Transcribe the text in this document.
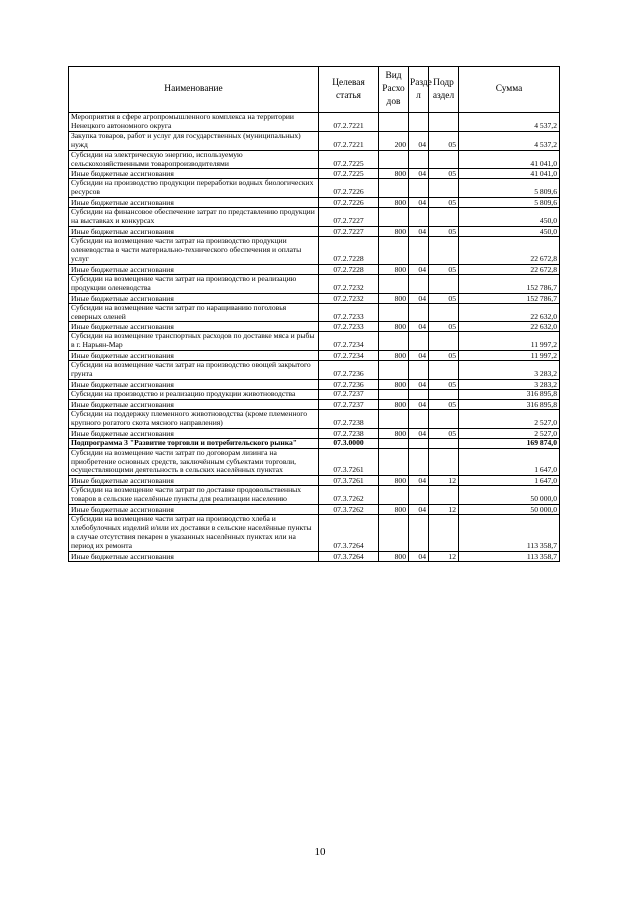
Наименование	Целевая статья	Вид Расхо дов	Разде л	Подр аздел	Сумма
Мероприятия в сфере агропромышленного комплекса на территории Ненецкого автономного округа	07.2.7221				4 537,2
Закупка товаров, работ и услуг для государственных (муниципальных) нужд	07.2.7221	200	04	05	4 537,2
Субсидии на электрическую энергию, используемую сельскохозяйственными товаропроизводителями	07.2.7225				41 041,0
Иные бюджетные ассигнования	07.2.7225	800	04	05	41 041,0
Субсидии на производство продукции переработки водных биологических ресурсов	07.2.7226				5 809,6
Иные бюджетные ассигнования	07.2.7226	800	04	05	5 809,6
Субсидии на финансовое обеспечение затрат по представлению продукции на выставках и конкурсах	07.2.7227				450,0
Иные бюджетные ассигнования	07.2.7227	800	04	05	450,0
Субсидии на возмещение части затрат на производство продукции оленеводства в части материально-технического обеспечения и оплаты услуг	07.2.7228				22 672,8
Иные бюджетные ассигнования	07.2.7228	800	04	05	22 672,8
Субсидии на возмещение части затрат на производство и реализацию продукции оленеводства	07.2.7232				152 786,7
Иные бюджетные ассигнования	07.2.7232	800	04	05	152 786,7
Субсидии на возмещение части затрат по наращиванию поголовья северных оленей	07.2.7233				22 632,0
Иные бюджетные ассигнования	07.2.7233	800	04	05	22 632,0
Субсидии на возмещение транспортных расходов по доставке мяса и рыбы в г. Нарьян-Мар	07.2.7234				11 997,2
Иные бюджетные ассигнования	07.2.7234	800	04	05	11 997,2
Субсидии на возмещение части затрат на производство овощей закрытого грунта	07.2.7236				3 283,2
Иные бюджетные ассигнования	07.2.7236	800	04	05	3 283,2
Субсидии на производство и реализацию продукции животноводства	07.2.7237				316 895,8
Иные бюджетные ассигнования	07.2.7237	800	04	05	316 895,8
Субсидии на поддержку племенного животноводства (кроме племенного крупного рогатого скота мясного направления)	07.2.7238				2 527,0
Иные бюджетные ассигнования	07.2.7238	800	04	05	2 527,0
Подпрограмма 3 "Развитие торговли и потребительского рынка"	07.3.0000				169 874,0
Субсидии на возмещение части затрат по договорам лизинга на приобретение основных средств, заключённым субъектами торговли, осуществляющими деятельность в сельских населённых пунктах	07.3.7261				1 647,0
Иные бюджетные ассигнования	07.3.7261	800	04	12	1 647,0
Субсидии на возмещение части затрат по доставке продовольственных товаров в сельские населённые пункты для реализации населению	07.3.7262				50 000,0
Иные бюджетные ассигнования	07.3.7262	800	04	12	50 000,0
Субсидии на возмещение части затрат на производство хлеба и хлебобулочных изделий и/или их доставки в сельские населённые пункты в случае отсутствия пекарен в указанных населённых пунктах или на период их ремонта	07.3.7264				113 358,7
Иные бюджетные ассигнования	07.3.7264	800	04	12	113 358,7
10
